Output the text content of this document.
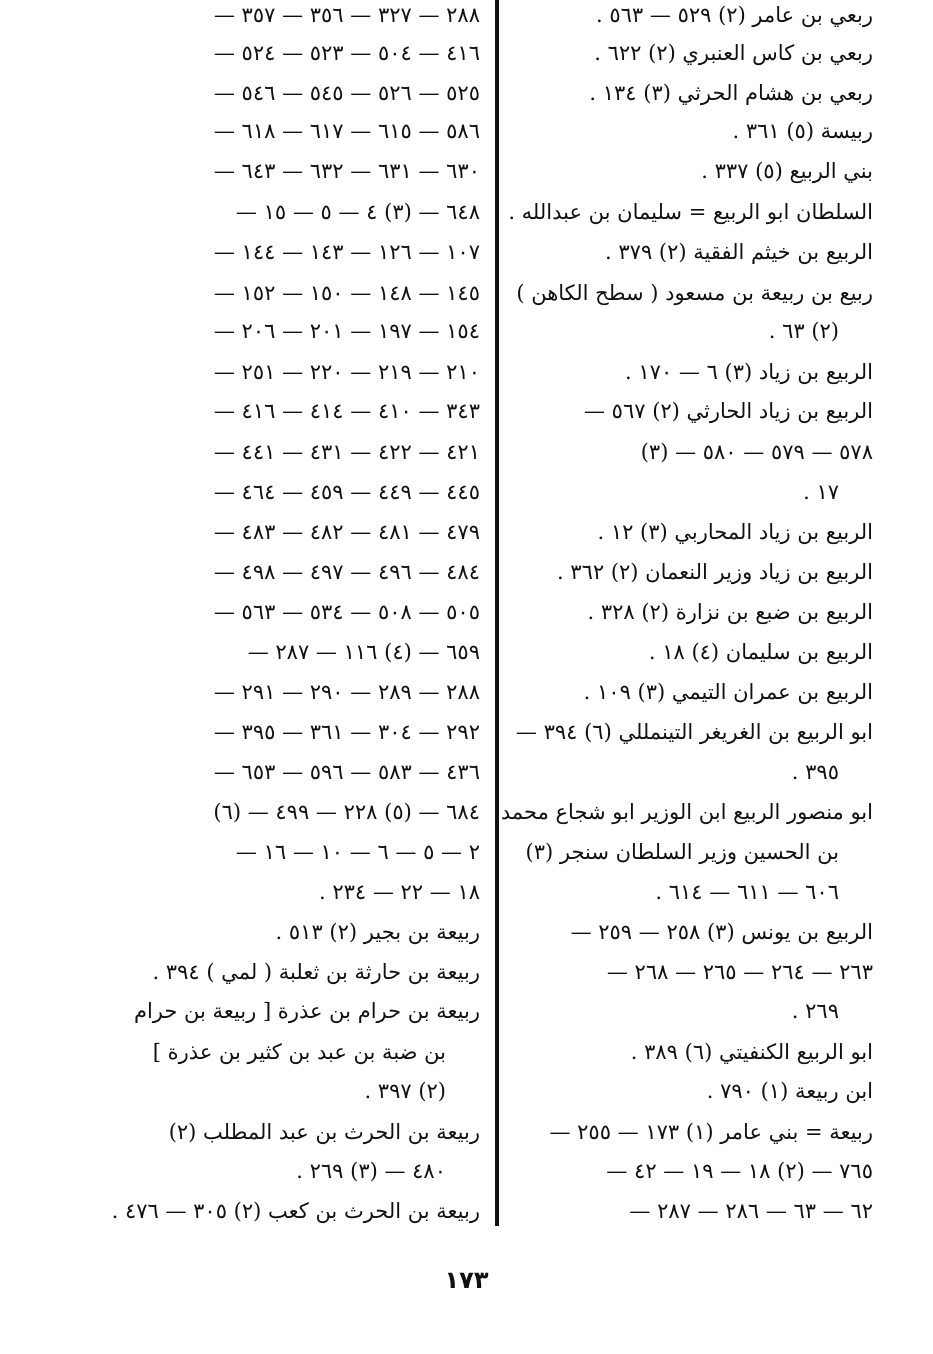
ربعي بن عامر (٢) ٥٢٩ — ٥٦٣ .
ربعي بن كاس العنبري (٢) ٦٢٢ .
ربعي بن هشام الحرثي (٣) ١٣٤ .
ربيسة (٥) ٣٦١ .
بني الربيع (٥) ٣٣٧ .
السلطان ابو الربيع = سليمان بن عبدالله .
الربيع بن خيثم الفقية (٢) ٣٧٩ .
ربيع بن ربيعة بن مسعود ( سطح الكاهن )
(٢) ٦٣ .
الربيع بن زياد (٣) ٦ — ١٧٠ .
الربيع بن زياد الحارثي (٢) ٥٦٧ —
٥٧٨ — ٥٧٩ — ٥٨٠ — (٣)
١٧ .
الربيع بن زياد المحاربي (٣) ١٢ .
الربيع بن زياد وزير النعمان (٢) ٣٦٢ .
الربيع بن ضبع بن نزارة (٢) ٣٢٨ .
الربيع بن سليمان (٤) ١٨ .
الربيع بن عمران التيمي (٣) ١٠٩ .
ابو الربيع بن الغريغر التينمللي (٦) ٣٩٤ —
٣٩٥ .
ابو منصور الربيع ابن الوزير ابو شجاع محمد
بن الحسين وزير السلطان سنجر (٣)
٦٠٦ — ٦١١ — ٦١٤ .
الربيع بن يونس (٣) ٢٥٨ — ٢٥٩ —
٢٦٣ — ٢٦٤ — ٢٦٥ — ٢٦٨ —
٢٦٩ .
ابو الربيع الكنفيتي (٦) ٣٨٩ .
ابن ربيعة (١) ٧٩٠ .
ربيعة = بني عامر (١) ١٧٣ — ٢٥٥ —
٧٦٥ — (٢) ١٨ — ١٩ — ٤٢ —
٦٢ — ٦٣ — ٢٨٦ — ٢٨٧ —
٢٨٨ — ٣٢٧ — ٣٥٦ — ٣٥٧ —
٤١٦ — ٥٠٤ — ٥٢٣ — ٥٢٤ —
٥٢٥ — ٥٢٦ — ٥٤٥ — ٥٤٦ —
٥٨٦ — ٦١٥ — ٦١٧ — ٦١٨ —
٦٣٠ — ٦٣١ — ٦٣٢ — ٦٤٣ —
٦٤٨ — (٣) ٤ — ٥ — ١٥ —
١٠٧ — ١٢٦ — ١٤٣ — ١٤٤ —
١٤٥ — ١٤٨ — ١٥٠ — ١٥٢ —
١٥٤ — ١٩٧ — ٢٠١ — ٢٠٦ —
٢١٠ — ٢١٩ — ٢٢٠ — ٢٥١ —
٣٤٣ — ٤١٠ — ٤١٤ — ٤١٦ —
٤٢١ — ٤٢٢ — ٤٣١ — ٤٤١ —
٤٤٥ — ٤٤٩ — ٤٥٩ — ٤٦٤ —
٤٧٩ — ٤٨١ — ٤٨٢ — ٤٨٣ —
٤٨٤ — ٤٩٦ — ٤٩٧ — ٤٩٨ —
٥٠٥ — ٥٠٨ — ٥٣٤ — ٥٦٣ —
٦٥٩ — (٤) ١١٦ — ٢٨٧ —
٢٨٨ — ٢٨٩ — ٢٩٠ — ٢٩١ —
٢٩٢ — ٣٠٤ — ٣٦١ — ٣٩٥ —
٤٣٦ — ٥٨٣ — ٥٩٦ — ٦٥٣ —
٦٨٤ — (٥) ٢٢٨ — ٤٩٩ — (٦)
٢ — ٥ — ٦ — ١٠ — ١٦ —
١٨ — ٢٢ — ٢٣٤ .
ربيعة بن بجير (٢) ٥١٣ .
ربيعة بن حارثة بن ثعلبة ( لمي ) ٣٩٤ .
ربيعة بن حرام بن عذرة [ ربيعة بن حرام
بن ضبة بن عبد بن كثير بن عذرة ]
(٢) ٣٩٧ .
ربيعة بن الحرث بن عبد المطلب (٢)
٤٨٠ — (٣) ٢٦٩ .
ربيعة بن الحرث بن كعب (٢) ٣٠٥ — ٤٧٦ .
١٧٣
